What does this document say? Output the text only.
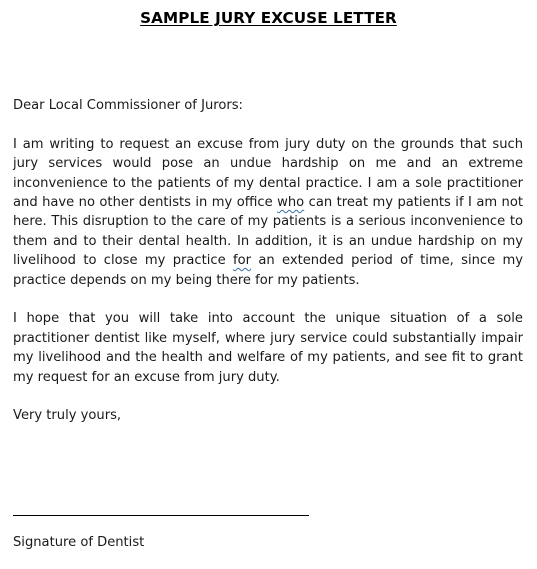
SAMPLE JURY EXCUSE LETTER

Dear Local Commissioner of Jurors:

I am writing to request an excuse from jury duty on the grounds that such jury services would pose an undue hardship on me and an extreme inconvenience to the patients of my dental practice. I am a sole practitioner and have no other dentists in my office who can treat my patients if I am not here. This disruption to the care of my patients is a serious inconvenience to them and to their dental health. In addition, it is an undue hardship on my livelihood to close my practice for an extended period of time, since my practice depends on my being there for my patients.

I hope that you will take into account the unique situation of a sole practitioner dentist like myself, where jury service could substantially impair my livelihood and the health and welfare of my patients, and see fit to grant my request for an excuse from jury duty.

Very truly yours,

Signature of Dentist
